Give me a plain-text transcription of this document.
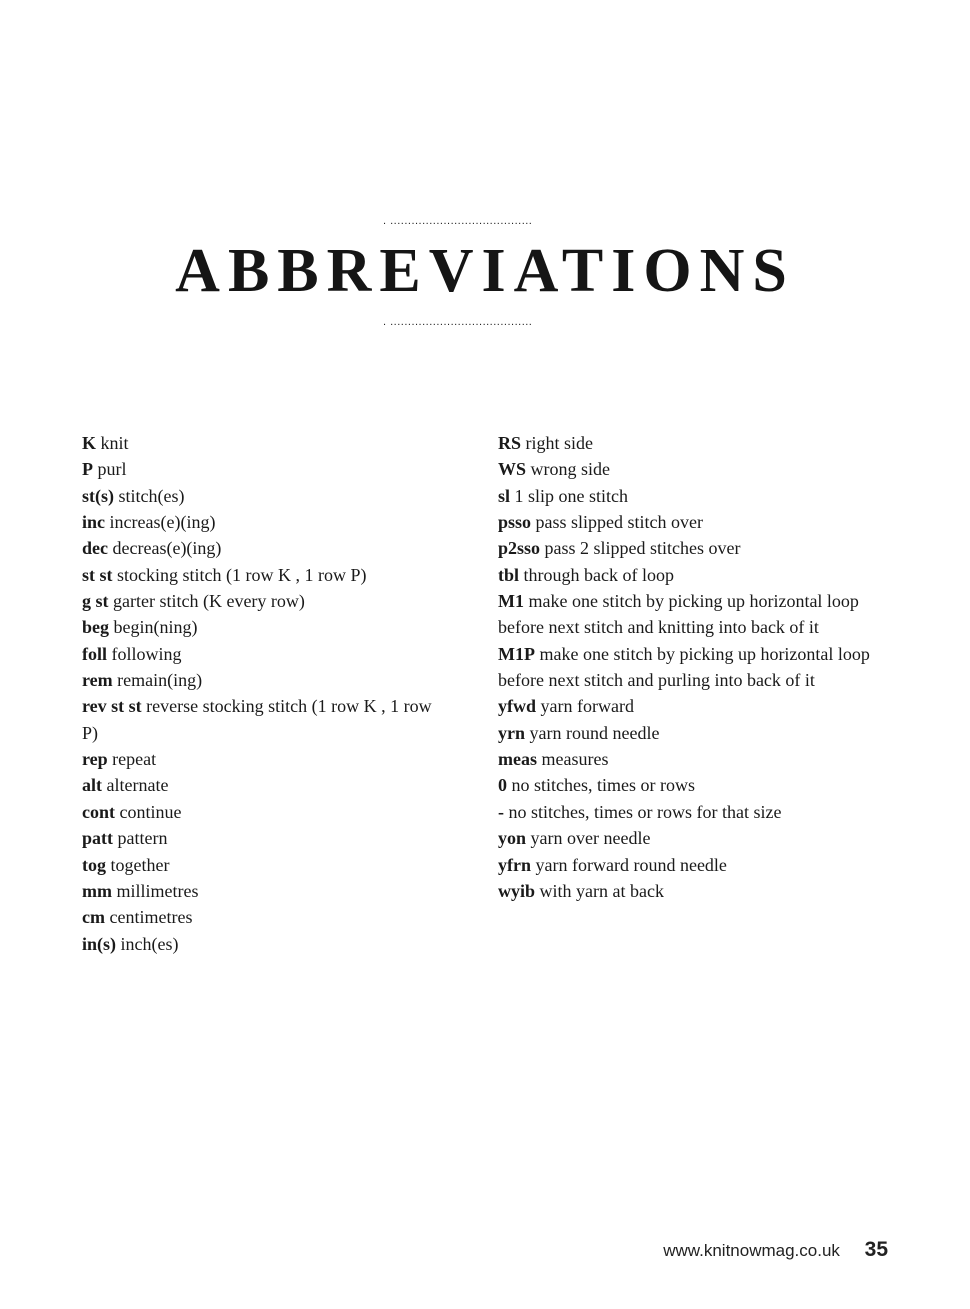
. ........................................
ABBREVIATIONS
. ........................................

K knit

P purl

st(s) stitch(es)

inc increas(e)(ing)

dec decreas(e)(ing)

st st stocking stitch (1 row K , 1 row P)

g st garter stitch (K every row)

beg begin(ning)

foll following

rem remain(ing)

rev st st reverse stocking stitch (1 row K , 1 row P)

rep repeat

alt alternate

cont continue

patt pattern

tog together

mm millimetres

cm centimetres

in(s) inch(es)

RS right side

WS wrong side

sl 1 slip one stitch

psso pass slipped stitch over

p2sso pass 2 slipped stitches over

tbl through back of loop

M1 make one stitch by picking up horizontal loop before next stitch and knitting into back of it

M1P make one stitch by picking up horizontal loop before next stitch and purling into back of it

yfwd yarn forward

yrn yarn round needle

meas measures

0 no stitches, times or rows

- no stitches, times or rows for that size

yon yarn over needle

yfrn yarn forward round needle

wyib with yarn at back

www.knitnowmag.co.uk 35
